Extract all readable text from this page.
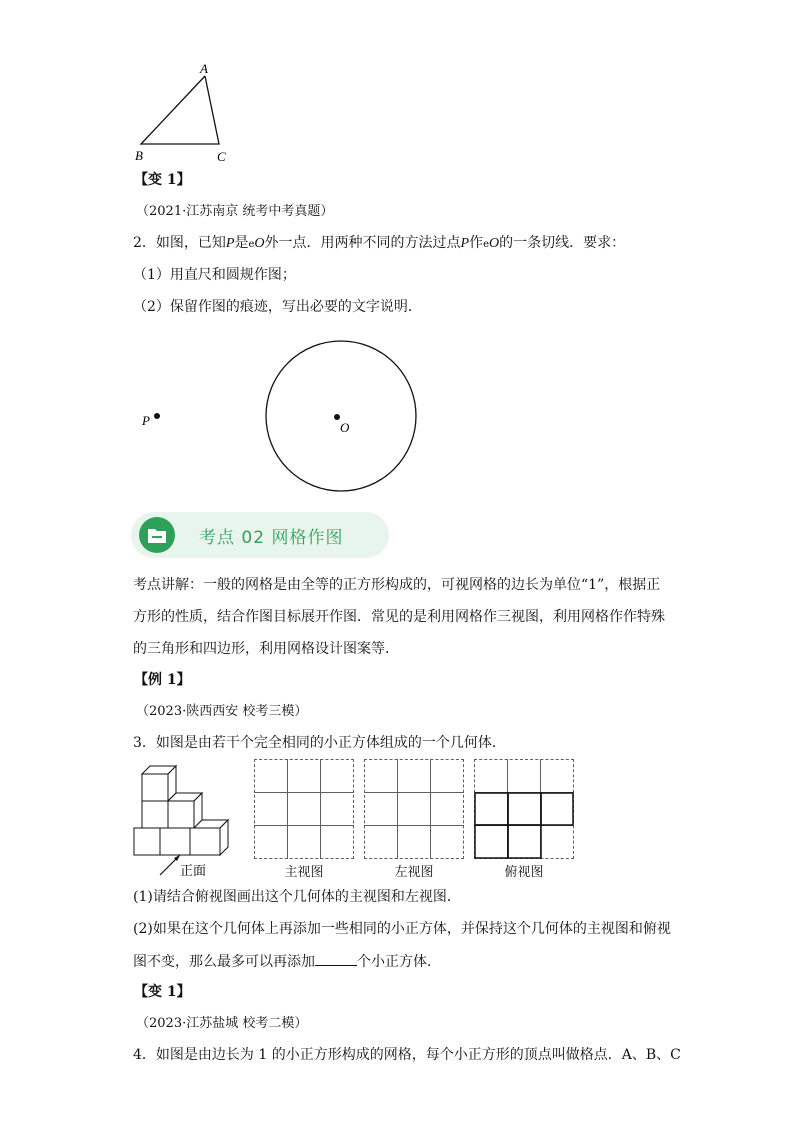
A
B	C
【变 1】
（2021·江苏南京 统考中考真题）
2．如图，已知P是eO外一点．用两种不同的方法过点P作eO的一条切线．要求：
（1）用直尺和圆规作图；
（2）保留作图的痕迹，写出必要的文字说明．
P	O
考点 02 网格作图
考点讲解：一般的网格是由全等的正方形构成的，可视网格的边长为单位“1”，根据正
方形的性质，结合作图目标展开作图．常见的是利用网格作三视图，利用网格作作特殊
的三角形和四边形，利用网格设计图案等．
【例 1】
（2023·陕西西安 校考三模）
3．如图是由若干个完全相同的小正方体组成的一个几何体．
正面	主视图	左视图	俯视图
(1)请结合俯视图画出这个几何体的主视图和左视图．
(2)如果在这个几何体上再添加一些相同的小正方体，并保持这个几何体的主视图和俯视
图不变，那么最多可以再添加	个小正方体．
【变 1】
（2023·江苏盐城 校考二模）
4．如图是由边长为 1 的小正方形构成的网格，每个小正方形的顶点叫做格点．A、B、C
